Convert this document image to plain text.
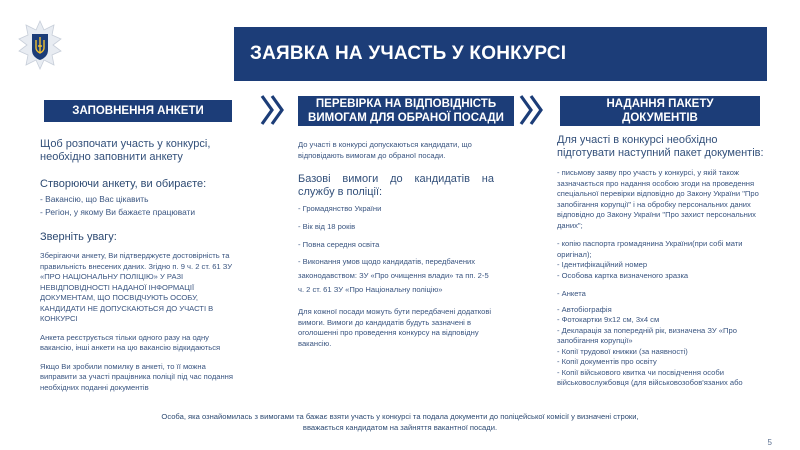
ЗАЯВКА НА УЧАСТЬ У КОНКУРСІ
ЗАПОВНЕННЯ АНКЕТИ
ПЕРЕВІРКА НА ВІДПОВІДНІСТЬ
ВИМОГАМ ДЛЯ ОБРАНОЇ ПОСАДИ
НАДАННЯ ПАКЕТУ
ДОКУМЕНТІВ
Щоб розпочати участь у конкурсі, необхідно заповнити анкету
Створюючи анкету, ви обираєте:
- Вакансію, що Вас цікавить
- Регіон, у якому Ви бажаєте працювати
Зверніть увагу:
Зберігаючи анкету, Ви підтверджуєте достовірність та правильність внесених даних. Згідно п. 9 ч. 2 ст. 61 ЗУ «ПРО НАЦІОНАЛЬНУ ПОЛІЦІЮ» У РАЗІ НЕВІДПОВІДНОСТІ НАДАНОЇ ІНФОРМАЦІЇ ДОКУМЕНТАМ, ЩО ПОСВІДЧУЮТЬ ОСОБУ, КАНДИДАТИ НЕ ДОПУСКАЮТЬСЯ ДО УЧАСТІ В КОНКУРСІ
Анкета реєструється тільки одного разу на одну вакансію, інші анкети на цю вакансію відкидаються
Якщо Ви зробили помилку в анкеті, то її можна виправити за участі працівника поліції під час подання необхідних поданні документів
До участі в конкурсі допускаються кандидати, що відповідають вимогам до обраної посади.
Базові вимоги до кандидатів на службу в поліції:
- Громадянство України
- Вік від 18 років
- Повна середня освіта
- Виконання умов щодо кандидатів, передбачених законодавством: ЗУ «Про очищення влади» та пп. 2-5 ч. 2 ст. 61 ЗУ «Про Національну поліцію»
Для кожної посади можуть бути передбачені додаткові вимоги. Вимоги до кандидатів будуть зазначені в оголошенні про проведення конкурсу на відповідну вакансію.
Для участі в конкурсі необхідно підготувати наступний пакет документів:
- письмову заяву про участь у конкурсі, у якій також зазначається про надання особою згоди на проведення спеціальної перевірки відповідно до Закону України "Про запобігання корупції" і на обробку персональних даних відповідно до Закону України "Про захист персональних даних";
- копію паспорта громадянина України(при собі мати оригінал);
- Ідентифікаційний номер
- Особова картка визначеного зразка
- Анкета
- Автобіографія
- Фотокартки 9х12 см, 3х4 см
- Декларація за попередній рік, визначена ЗУ «Про запобігання корупції»
- Копії трудової книжки (за наявності)
- Копії документів про освіту
- Копії військового квитка чи посвідчення особи військовослужбовця (для військовозобов'язаних або
Особа, яка ознайомилась з вимогами та бажає взяти участь у конкурсі та подала документи до поліцейської комісії у визначені строки,
вважається кандидатом на зайняття вакантної посади.
5
